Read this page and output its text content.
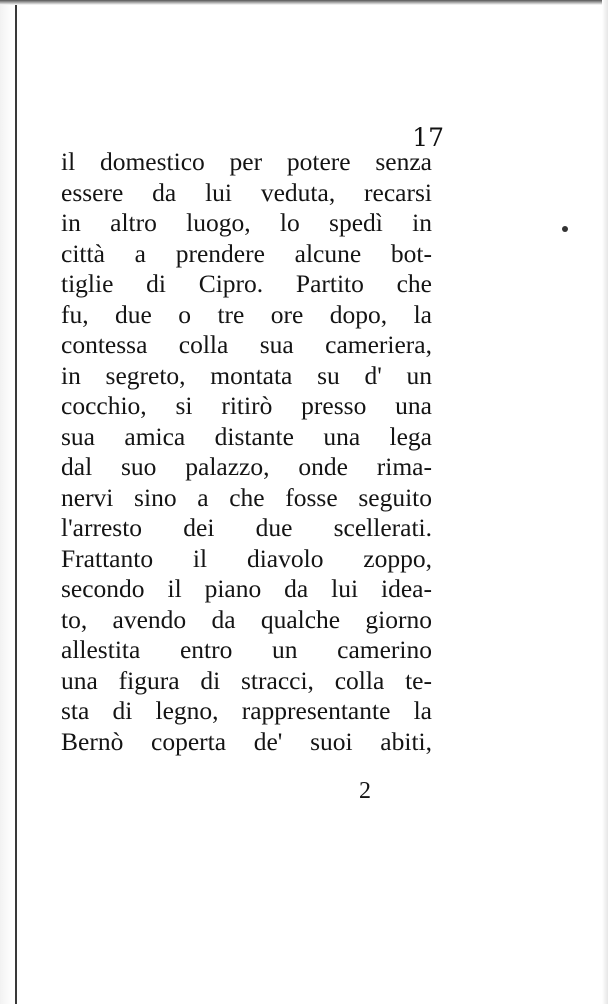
17
il domestico per potere senza
essere da lui veduta, recarsi
in altro luogo, lo spedì in
città a prendere alcune bot-
tiglie di Cipro. Partito che
fu, due o tre ore dopo, la
contessa colla sua cameriera,
in segreto, montata su d' un
cocchio, si ritirò presso una
sua amica distante una lega
dal suo palazzo, onde rima-
nervi sino a che fosse seguito
l'arresto dei due scellerati.
Frattanto il diavolo zoppo,
secondo il piano da lui idea-
to, avendo da qualche giorno
allestita entro un camerino
una figura di stracci, colla te-
sta di legno, rappresentante la
Bernò coperta de' suoi abiti,
2
